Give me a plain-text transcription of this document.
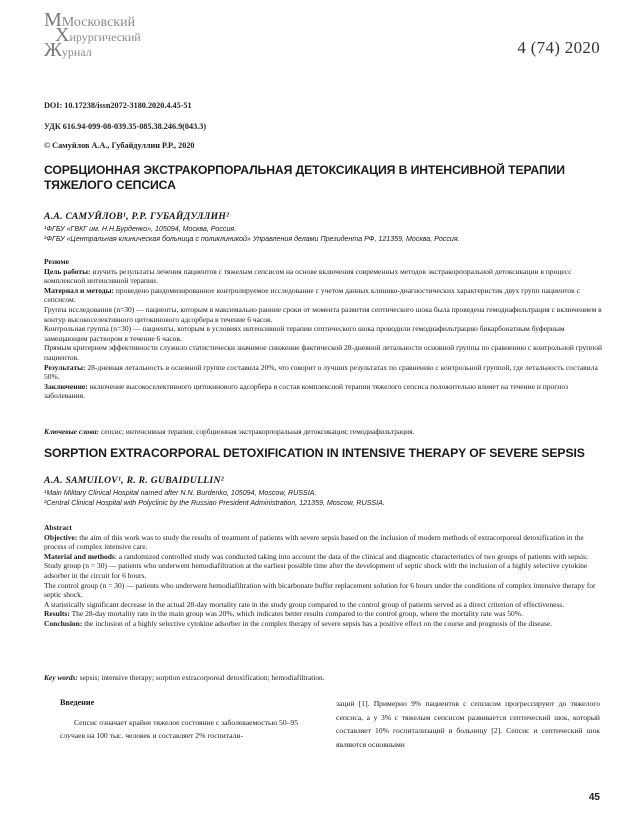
ММосковский
Хирургический
Журнал	4 (74) 2020
DOI: 10.17238/issn2072-3180.2020.4.45-51
УДК 616.94-099-08-039.35-085.38.246.9(043.3)
© Самуйлов А.А., Губайдуллин Р.Р., 2020
СОРБЦИОННАЯ ЭКСТРАКОРПОРАЛЬНАЯ ДЕТОКСИКАЦИЯ В ИНТЕНСИВНОЙ ТЕРАПИИ
ТЯЖЕЛОГО СЕПСИСА
А.А. САМУЙЛОВ¹, Р.Р. ГУБАЙДУЛЛИН²
¹ФГБУ «ГВКГ им. Н.Н.Бурденко», 105094, Москва, Россия.
²ФГБУ «Центральная клиническая больница с поликлиникой» Управления делами Президента РФ, 121359, Москва, Россия.

Резюме

Цель работы: изучить результаты лечения пациентов с тяжелым сепсисом на основе включения современных методов экстракорпоральной детоксикации в процесс комплексной интенсивной терапии.

Материал и методы: проведено рандомизированное контролируемое исследование с учетом данных клинико-диагностических характеристик двух групп пациентов с сепсисом.

Группа исследования (n=30) — пациенты, которым в максимально ранние сроки от момента развития септического шока была проведена гемодиафильтрация с включением в контур высокоселективного цитокинового адсорбера в течение 6 часов.

Контрольная группа (n=30) — пациенты, которым в условиях интенсивной терапии септического шока проводили гемодиафильтрацию бикарбонатным буферным замещающим раствором в течение 6 часов.

Прямым критерием эффективности служило статистически значимое снижение фактической 28-дневной летальности основной группы по сравнению с контрольной группой пациентов.

Результаты: 28-дневная летальность в основной группе составила 20%, что говорит о лучших результатах по сравнению с контрольной группой, где летальность составила 50%.

Заключение: включение высокоселективного цитокинового адсорбера в состав комплексной терапии тяжелого сепсиса положительно влияет на течение и прогноз заболевания.

Ключевые слова: сепсис; интенсивная терапия; сорбционная экстракорпоральная детоксикация; гемодиафильтрация.
SORPTION EXTRACORPORAL DETOXIFICATION IN INTENSIVE THERAPY OF SEVERE SEPSIS
A.A. SAMUILOV¹, R. R. GUBAIDULLIN²
¹Main Military Clinical Hospital named after N.N. Burdenko, 105094, Moscow, RUSSIA.
²Central Clinical Hospital with Polyclinic by the Russian President Administration, 121359, Moscow, RUSSIA.

Abstract

Objective: the aim of this work was to study the results of treatment of patients with severe sepsis based on the inclusion of modern methods of extracorporeal detoxification in the process of complex intensive care.

Material and methods: a randomized controlled study was conducted taking into account the data of the clinical and diagnostic characteristics of two groups of patients with sepsis:

Study group (n = 30) — patients who underwent hemodiafiltration at the earliest possible time after the development of septic shock with the inclusion of a highly selective cytokine adsorber in the circuit for 6 hours.

The control group (n = 30) — patients who underwent hemodiafiltration with bicarbonate buffer replacement solution for 6 hours under the conditions of complex intensive therapy for septic shock.

A statistically significant decrease in the actual 28-day mortality rate in the study group compared to the control group of patients served as a direct criterion of effectiveness.

Results: The 28-day mortality rate in the main group was 20%, which indicates better results compared to the control group, where the mortality rate was 50%.

Conclusion: the inclusion of a highly selective cytokine adsorber in the complex therapy of severe sepsis has a positive effect on the course and prognosis of the disease.

Key words: sepsis; intensive therapy; sorption extracorporeal detoxification; hemodiafiltration.

Введение

Сепсис означает крайне тяжелое состояние с заболеваемостью 50–95 случаев на 100 тыс. человек и составляет 2% госпитали-

заций [1]. Примерно 9% пациентов с сепсисом прогрессируют до тяжелого сепсиса, а у 3% с тяжелым сепсисом развивается септический шок, который составляет 10% госпитализаций в больницу [2]. Сепсис и септический шок являются основными

45
